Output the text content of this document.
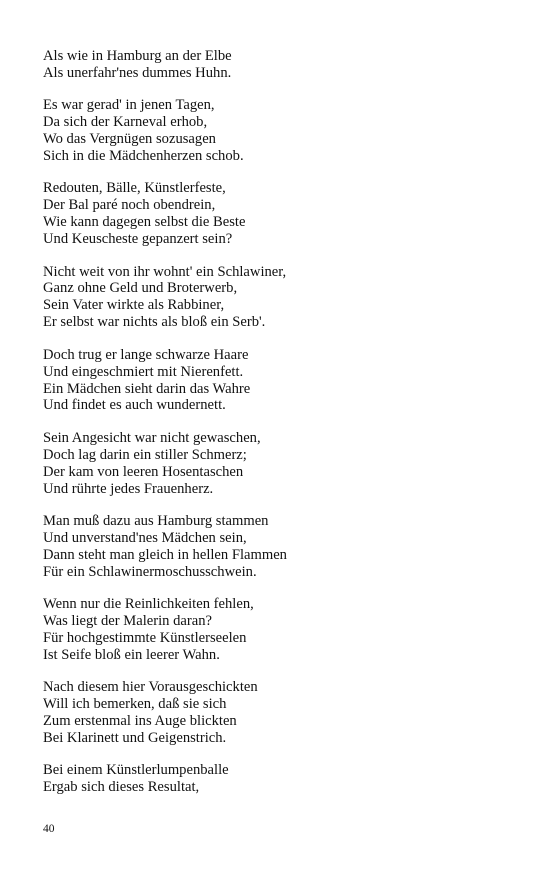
Als wie in Hamburg an der Elbe
Als unerfahr'nes dummes Huhn.
Es war gerad' in jenen Tagen,
Da sich der Karneval erhob,
Wo das Vergnügen sozusagen
Sich in die Mädchenherzen schob.
Redouten, Bälle, Künstlerfeste,
Der Bal paré noch obendrein,
Wie kann dagegen selbst die Beste
Und Keuscheste gepanzert sein?
Nicht weit von ihr wohnt' ein Schlawiner,
Ganz ohne Geld und Broterwerb,
Sein Vater wirkte als Rabbiner,
Er selbst war nichts als bloß ein Serb'.
Doch trug er lange schwarze Haare
Und eingeschmiert mit Nierenfett.
Ein Mädchen sieht darin das Wahre
Und findet es auch wundernett.
Sein Angesicht war nicht gewaschen,
Doch lag darin ein stiller Schmerz;
Der kam von leeren Hosentaschen
Und rührte jedes Frauenherz.
Man muß dazu aus Hamburg stammen
Und unverstand'nes Mädchen sein,
Dann steht man gleich in hellen Flammen
Für ein Schlawinermoschusschwein.
Wenn nur die Reinlichkeiten fehlen,
Was liegt der Malerin daran?
Für hochgestimmte Künstlerseelen
Ist Seife bloß ein leerer Wahn.
Nach diesem hier Vorausgeschickten
Will ich bemerken, daß sie sich
Zum erstenmal ins Auge blickten
Bei Klarinett und Geigenstrich.
Bei einem Künstlerlumpenballe
Ergab sich dieses Resultat,
40
